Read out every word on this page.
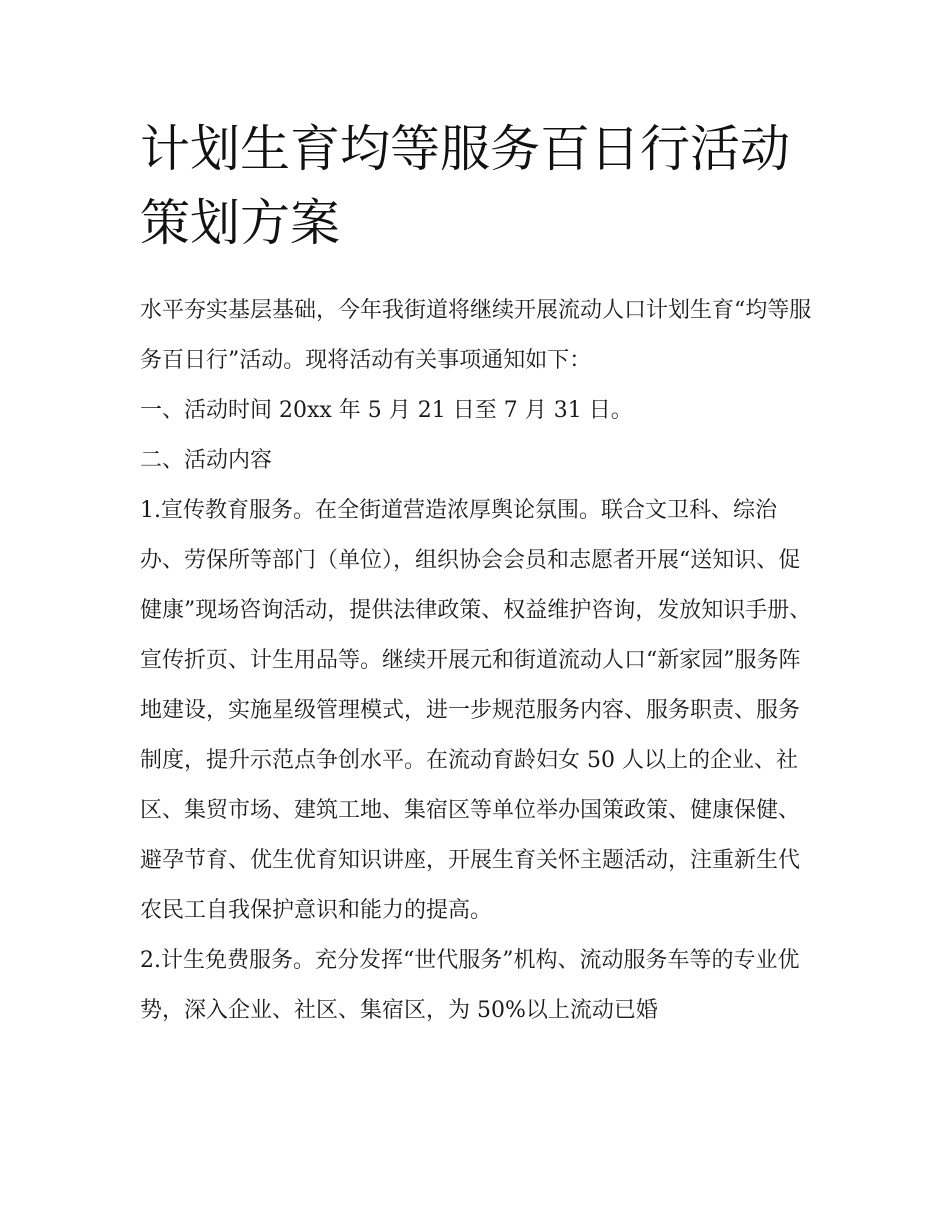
计划生育均等服务百日行活动策划方案

水平夯实基层基础，今年我街道将继续开展流动人口计划生育“均等服务百日行”活动。现将活动有关事项通知如下：

一、活动时间 20xx 年 5 月 21 日至 7 月 31 日。

二、活动内容

1.宣传教育服务。在全街道营造浓厚舆论氛围。联合文卫科、综治办、劳保所等部门（单位），组织协会会员和志愿者开展“送知识、促健康”现场咨询活动，提供法律政策、权益维护咨询，发放知识手册、宣传折页、计生用品等。继续开展元和街道流动人口“新家园”服务阵地建设，实施星级管理模式，进一步规范服务内容、服务职责、服务制度，提升示范点争创水平。在流动育龄妇女 50 人以上的企业、社区、集贸市场、建筑工地、集宿区等单位举办国策政策、健康保健、避孕节育、优生优育知识讲座，开展生育关怀主题活动，注重新生代农民工自我保护意识和能力的提高。

2.计生免费服务。充分发挥“世代服务”机构、流动服务车等的专业优势，深入企业、社区、集宿区，为 50%以上流动已婚
